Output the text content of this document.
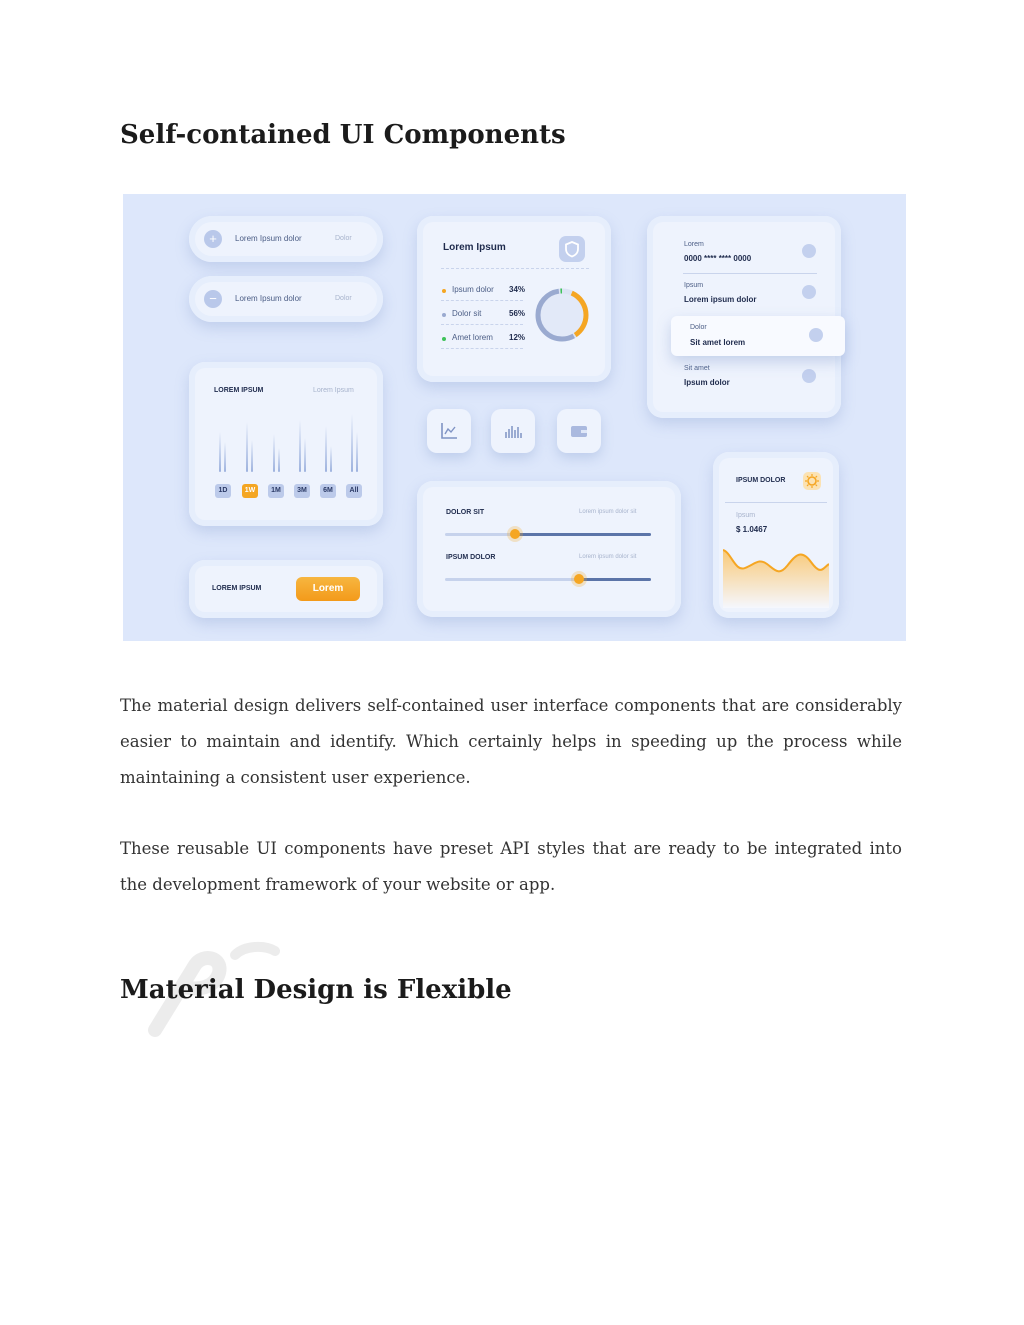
Self-contained UI Components
+	Lorem Ipsum dolor	Dolor
−	Lorem Ipsum dolor	Dolor
Lorem Ipsum
Ipsum dolor 34%
Dolor sit	56%
Amet lorem 12%
Lorem
0000 **** **** 0000
Ipsum
Lorem ipsum dolor
Sit amet
Ipsum dolor
Dolor
Sit amet lorem
LOREM IPSUM	Lorem Ipsum
1D	1W	1M	3M	6M	All
DOLOR SIT	Lorem ipsum dolor sit
IPSUM DOLOR	Lorem ipsum dolor sit
LOREM IPSUM	Lorem
IPSUM DOLOR
Ipsum
$ 1.0467

The material design delivers self-contained user interface components that are considerably easier to maintain and identify. Which certainly helps in speeding up the process while maintaining a consistent user experience.

These reusable UI components have preset API styles that are ready to be integrated into the development framework of your website or app.

Material Design is Flexible
